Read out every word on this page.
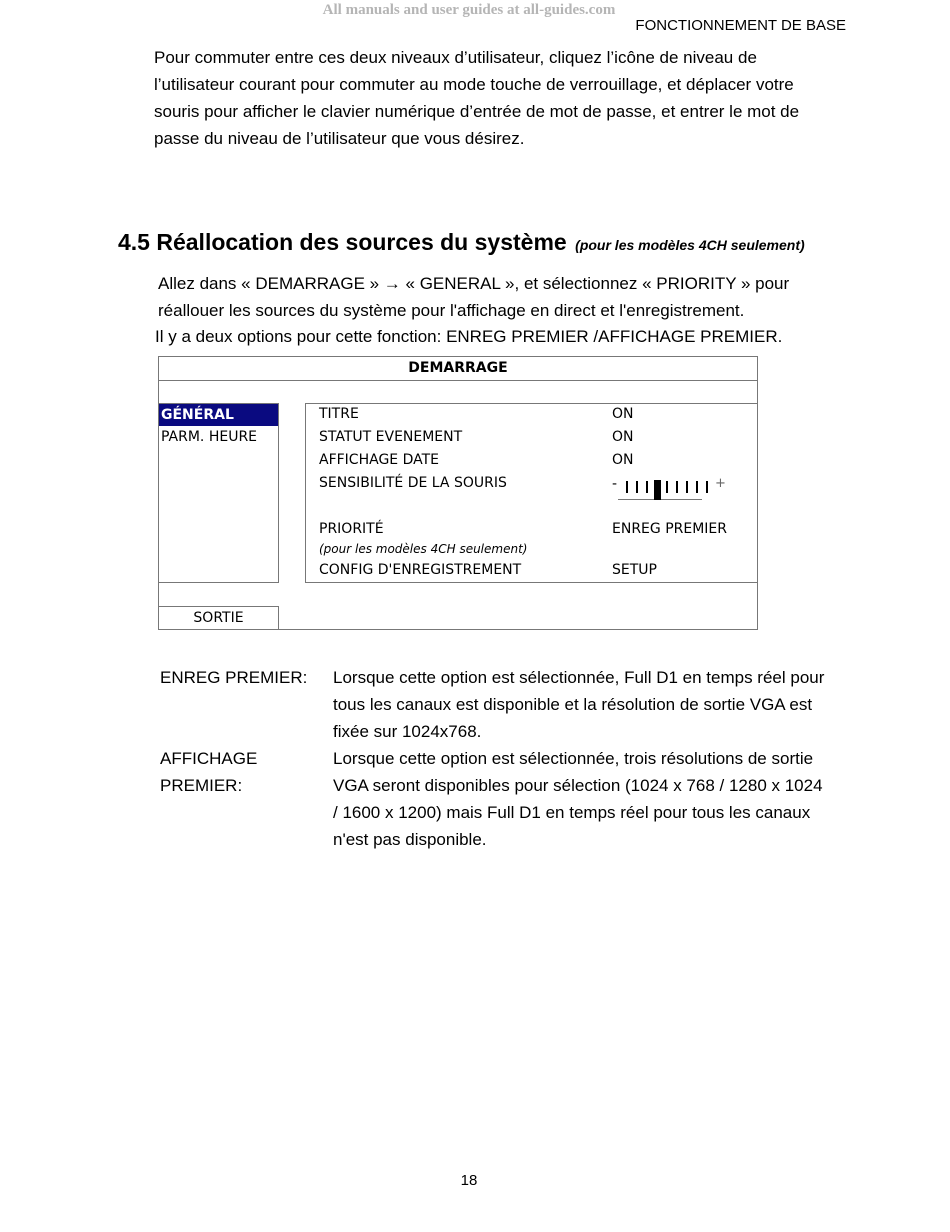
All manuals and user guides at all-guides.com
FONCTIONNEMENT DE BASE
Pour commuter entre ces deux niveaux d’utilisateur, cliquez l’icône de niveau de
l’utilisateur courant pour commuter au mode touche de verrouillage, et déplacer votre
souris pour afficher le clavier numérique d’entrée de mot de passe, et entrer le mot de
passe du niveau de l’utilisateur que vous désirez.
4.5 Réallocation des sources du système (pour les modèles 4CH seulement)
Allez dans « DEMARRAGE » → « GENERAL », et sélectionnez « PRIORITY » pour
réallouer les sources du système pour l'affichage en direct et l'enregistrement.
Il y a deux options pour cette fonction: ENREG PREMIER /AFFICHAGE PREMIER.
DEMARRAGE
GÉNÉRAL
PARM. HEURE
TITRE	ON
STATUT EVENEMENT	ON
AFFICHAGE DATE	ON
SENSIBILITÉ DE LA SOURIS	-	+
PRIORITÉ	ENREG PREMIER
(pour les modèles 4CH seulement)
CONFIG D'ENREGISTREMENT	SETUP
SORTIE
ENREG PREMIER:	Lorsque cette option est sélectionnée, Full D1 en temps réel pour
tous les canaux est disponible et la résolution de sortie VGA est
fixée sur 1024x768.
AFFICHAGE
PREMIER:
Lorsque cette option est sélectionnée, trois résolutions de sortie
VGA seront disponibles pour sélection (1024 x 768 / 1280 x 1024
/ 1600 x 1200) mais Full D1 en temps réel pour tous les canaux
n'est pas disponible.
18
